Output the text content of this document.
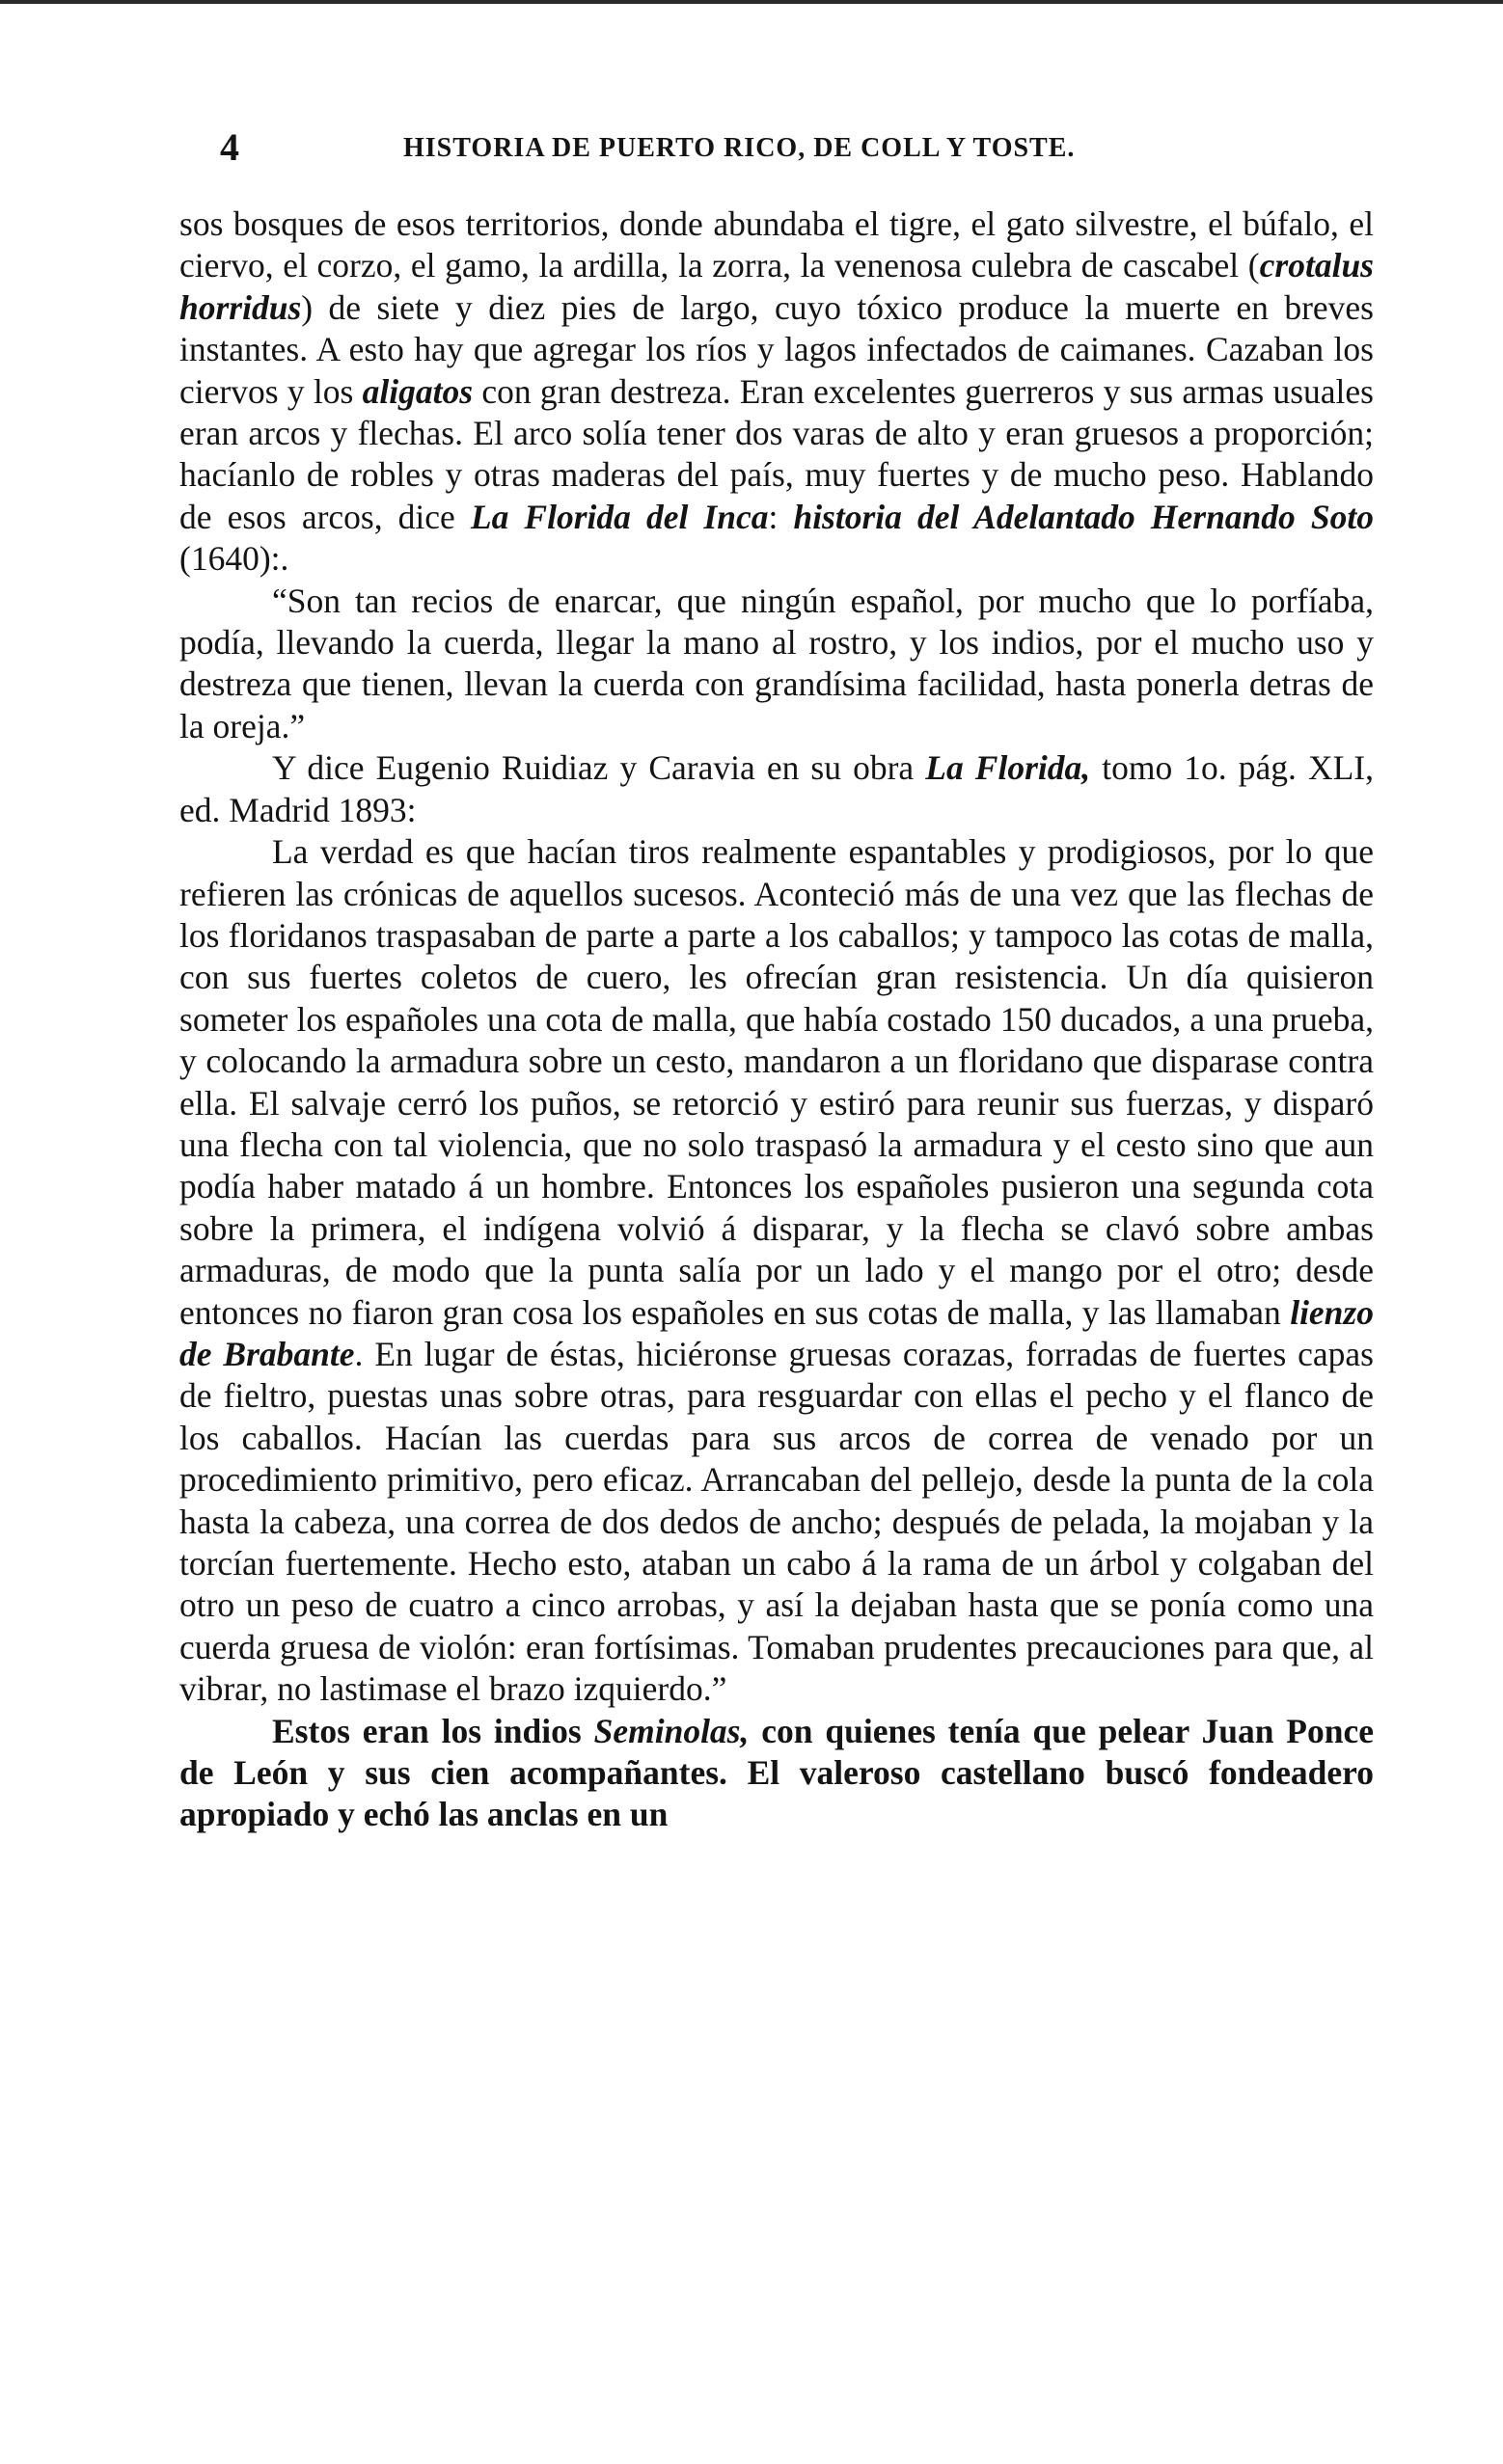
4	HISTORIA DE PUERTO RICO, DE COLL Y TOSTE.

sos bosques de esos territorios, donde abundaba el tigre, el gato silvestre, el búfalo, el ciervo, el corzo, el gamo, la ardilla, la zorra, la venenosa culebra de cascabel (crotalus horridus) de siete y diez pies de largo, cuyo tóxico produce la muerte en breves instantes. A esto hay que agregar los ríos y lagos infectados de caimanes. Cazaban los ciervos y los aligatos con gran destreza. Eran excelentes guerreros y sus armas usuales eran arcos y flechas. El arco solía tener dos varas de alto y eran gruesos a proporción; hacíanlo de robles y otras maderas del país, muy fuertes y de mucho peso. Hablando de esos arcos, dice La Florida del Inca: historia del Adelantado Hernando Soto (1640):.

“Son tan recios de enarcar, que ningún español, por mucho que lo porfíaba, podía, llevando la cuerda, llegar la mano al rostro, y los indios, por el mucho uso y destreza que tienen, llevan la cuerda con grandísima facilidad, hasta ponerla detras de la oreja.”

Y dice Eugenio Ruidiaz y Caravia en su obra La Florida, tomo 1o. pág. XLI, ed. Madrid 1893:

La verdad es que hacían tiros realmente espantables y prodigiosos, por lo que refieren las crónicas de aquellos sucesos. Aconteció más de una vez que las flechas de los floridanos traspasaban de parte a parte a los caballos; y tampoco las cotas de malla, con sus fuertes coletos de cuero, les ofrecían gran resistencia. Un día quisieron someter los españoles una cota de malla, que había costado 150 ducados, a una prueba, y colocando la armadura sobre un cesto, mandaron a un floridano que disparase contra ella. El salvaje cerró los puños, se retorció y estiró para reunir sus fuerzas, y disparó una flecha con tal violencia, que no solo traspasó la armadura y el cesto sino que aun podía haber matado á un hombre. Entonces los españoles pusieron una segunda cota sobre la primera, el indígena volvió á disparar, y la flecha se clavó sobre ambas armaduras, de modo que la punta salía por un lado y el mango por el otro; desde entonces no fiaron gran cosa los españoles en sus cotas de malla, y las llamaban lienzo de Brabante. En lugar de éstas, hiciéronse gruesas corazas, forradas de fuertes capas de fieltro, puestas unas sobre otras, para resguardar con ellas el pecho y el flanco de los caballos. Hacían las cuerdas para sus arcos de correa de venado por un procedimiento primitivo, pero eficaz. Arrancaban del pellejo, desde la punta de la cola hasta la cabeza, una correa de dos dedos de ancho; después de pelada, la mojaban y la torcían fuertemente. Hecho esto, ataban un cabo á la rama de un árbol y colgaban del otro un peso de cuatro a cinco arrobas, y así la dejaban hasta que se ponía como una cuerda gruesa de violón: eran fortísimas. Tomaban prudentes precauciones para que, al vibrar, no lastimase el brazo izquierdo.”

Estos eran los indios Seminolas, con quienes tenía que pelear Juan Ponce de León y sus cien acompañantes. El valeroso castellano buscó fondeadero apropiado y echó las anclas en un
